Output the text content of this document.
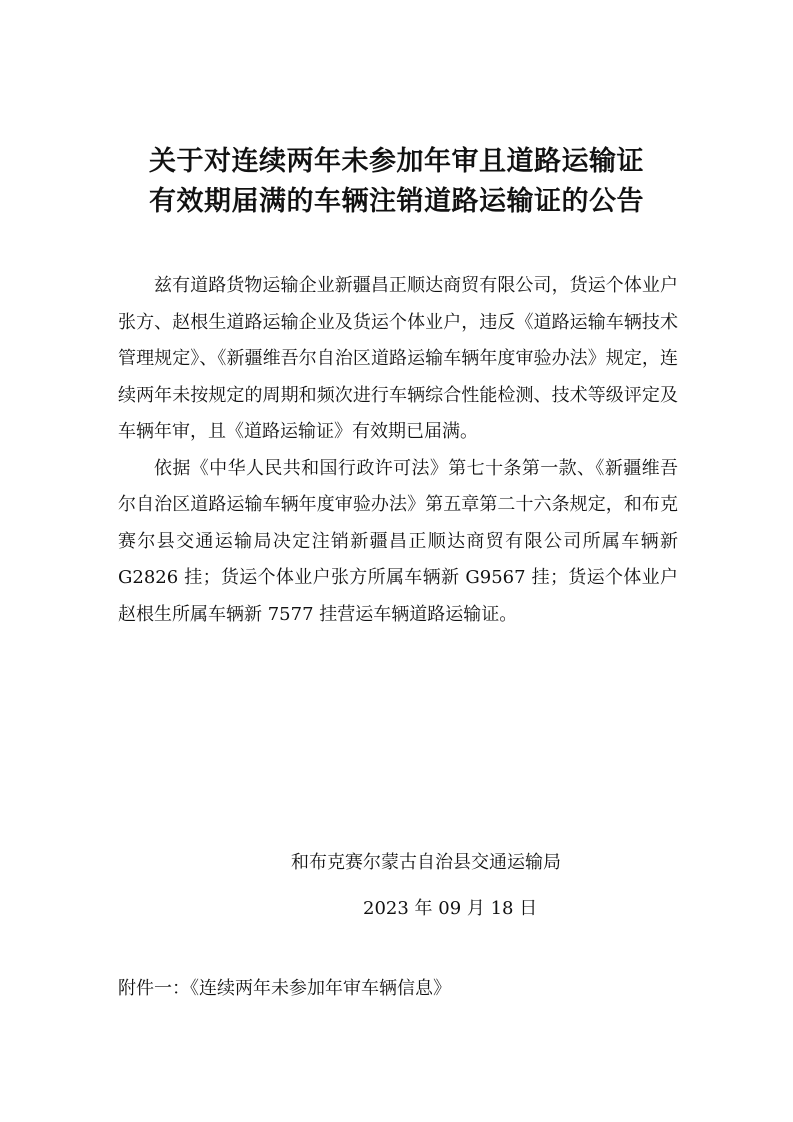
关于对连续两年未参加年审且道路运输证
有效期届满的车辆注销道路运输证的公告

兹有道路货物运输企业新疆昌正顺达商贸有限公司，货运个体业户张方、赵根生道路运输企业及货运个体业户，违反《道路运输车辆技术管理规定》、《新疆维吾尔自治区道路运输车辆年度审验办法》规定，连续两年未按规定的周期和频次进行车辆综合性能检测、技术等级评定及车辆年审，且《道路运输证》有效期已届满。

依据《中华人民共和国行政许可法》第七十条第一款、《新疆维吾尔自治区道路运输车辆年度审验办法》第五章第二十六条规定，和布克赛尔县交通运输局决定注销新疆昌正顺达商贸有限公司所属车辆新 G2826 挂；货运个体业户张方所属车辆新 G9567 挂；货运个体业户赵根生所属车辆新 7577 挂营运车辆道路运输证。

和布克赛尔蒙古自治县交通运输局
2023 年 09 月 18 日
附件一：《连续两年未参加年审车辆信息》
